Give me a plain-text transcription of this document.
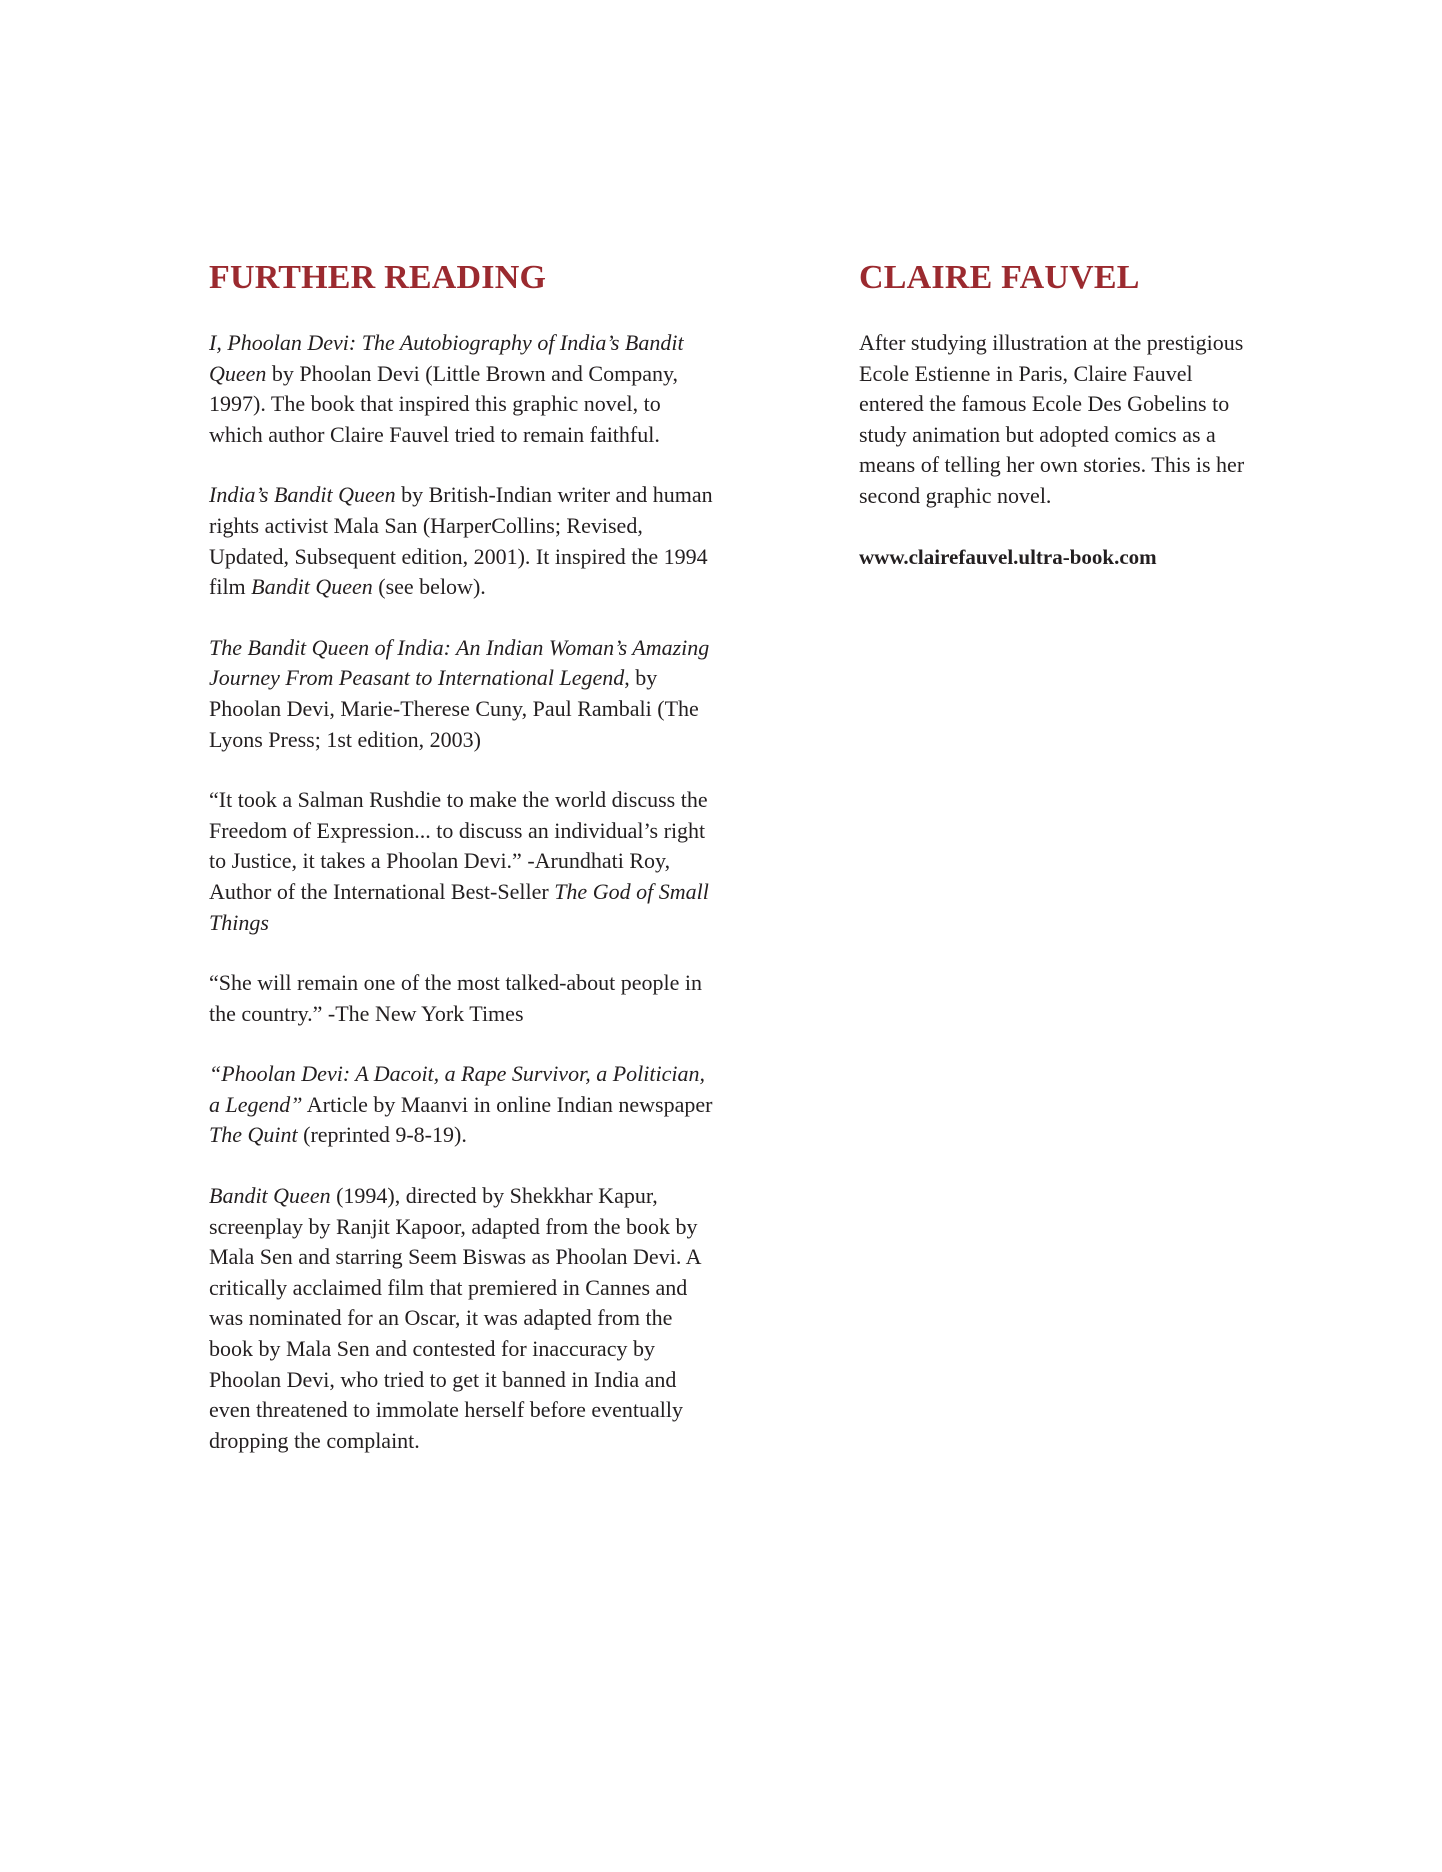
FURTHER READING

I, Phoolan Devi: The Autobiography of India’s Bandit Queen by Phoolan Devi (Little Brown and Company, 1997). The book that inspired this graphic novel, to which author Claire Fauvel tried to remain faithful.

India’s Bandit Queen by British-Indian writer and human rights activist Mala San (HarperCollins; Revised, Updated, Subsequent edition, 2001). It inspired the 1994 film Bandit Queen (see below).

The Bandit Queen of India: An Indian Woman’s Amazing Journey From Peasant to International Legend, by Phoolan Devi, Marie-Therese Cuny, Paul Rambali (The Lyons Press; 1st edition, 2003)

“It took a Salman Rushdie to make the world discuss the Freedom of Expression... to discuss an individual’s right to Justice, it takes a Phoolan Devi.” -Arundhati Roy, Author of the International Best-Seller The God of Small Things

“She will remain one of the most talked-about people in the country.” -The New York Times

“Phoolan Devi: A Dacoit, a Rape Survivor, a Politician, a Legend” Article by Maanvi in online Indian newspaper The Quint (reprinted 9-8-19).

Bandit Queen (1994), directed by Shekkhar Kapur, screenplay by Ranjit Kapoor, adapted from the book by Mala Sen and starring Seem Biswas as Phoolan Devi. A critically acclaimed film that premiered in Cannes and was nominated for an Oscar, it was adapted from the book by Mala Sen and contested for inaccuracy by Phoolan Devi, who tried to get it banned in India and even threatened to immolate herself before eventually dropping the complaint.

CLAIRE FAUVEL

After studying illustration at the prestigious Ecole Estienne in Paris, Claire Fauvel entered the famous Ecole Des Gobelins to study animation but adopted comics as a means of telling her own stories. This is her second graphic novel.

www.clairefauvel.ultra-book.com
